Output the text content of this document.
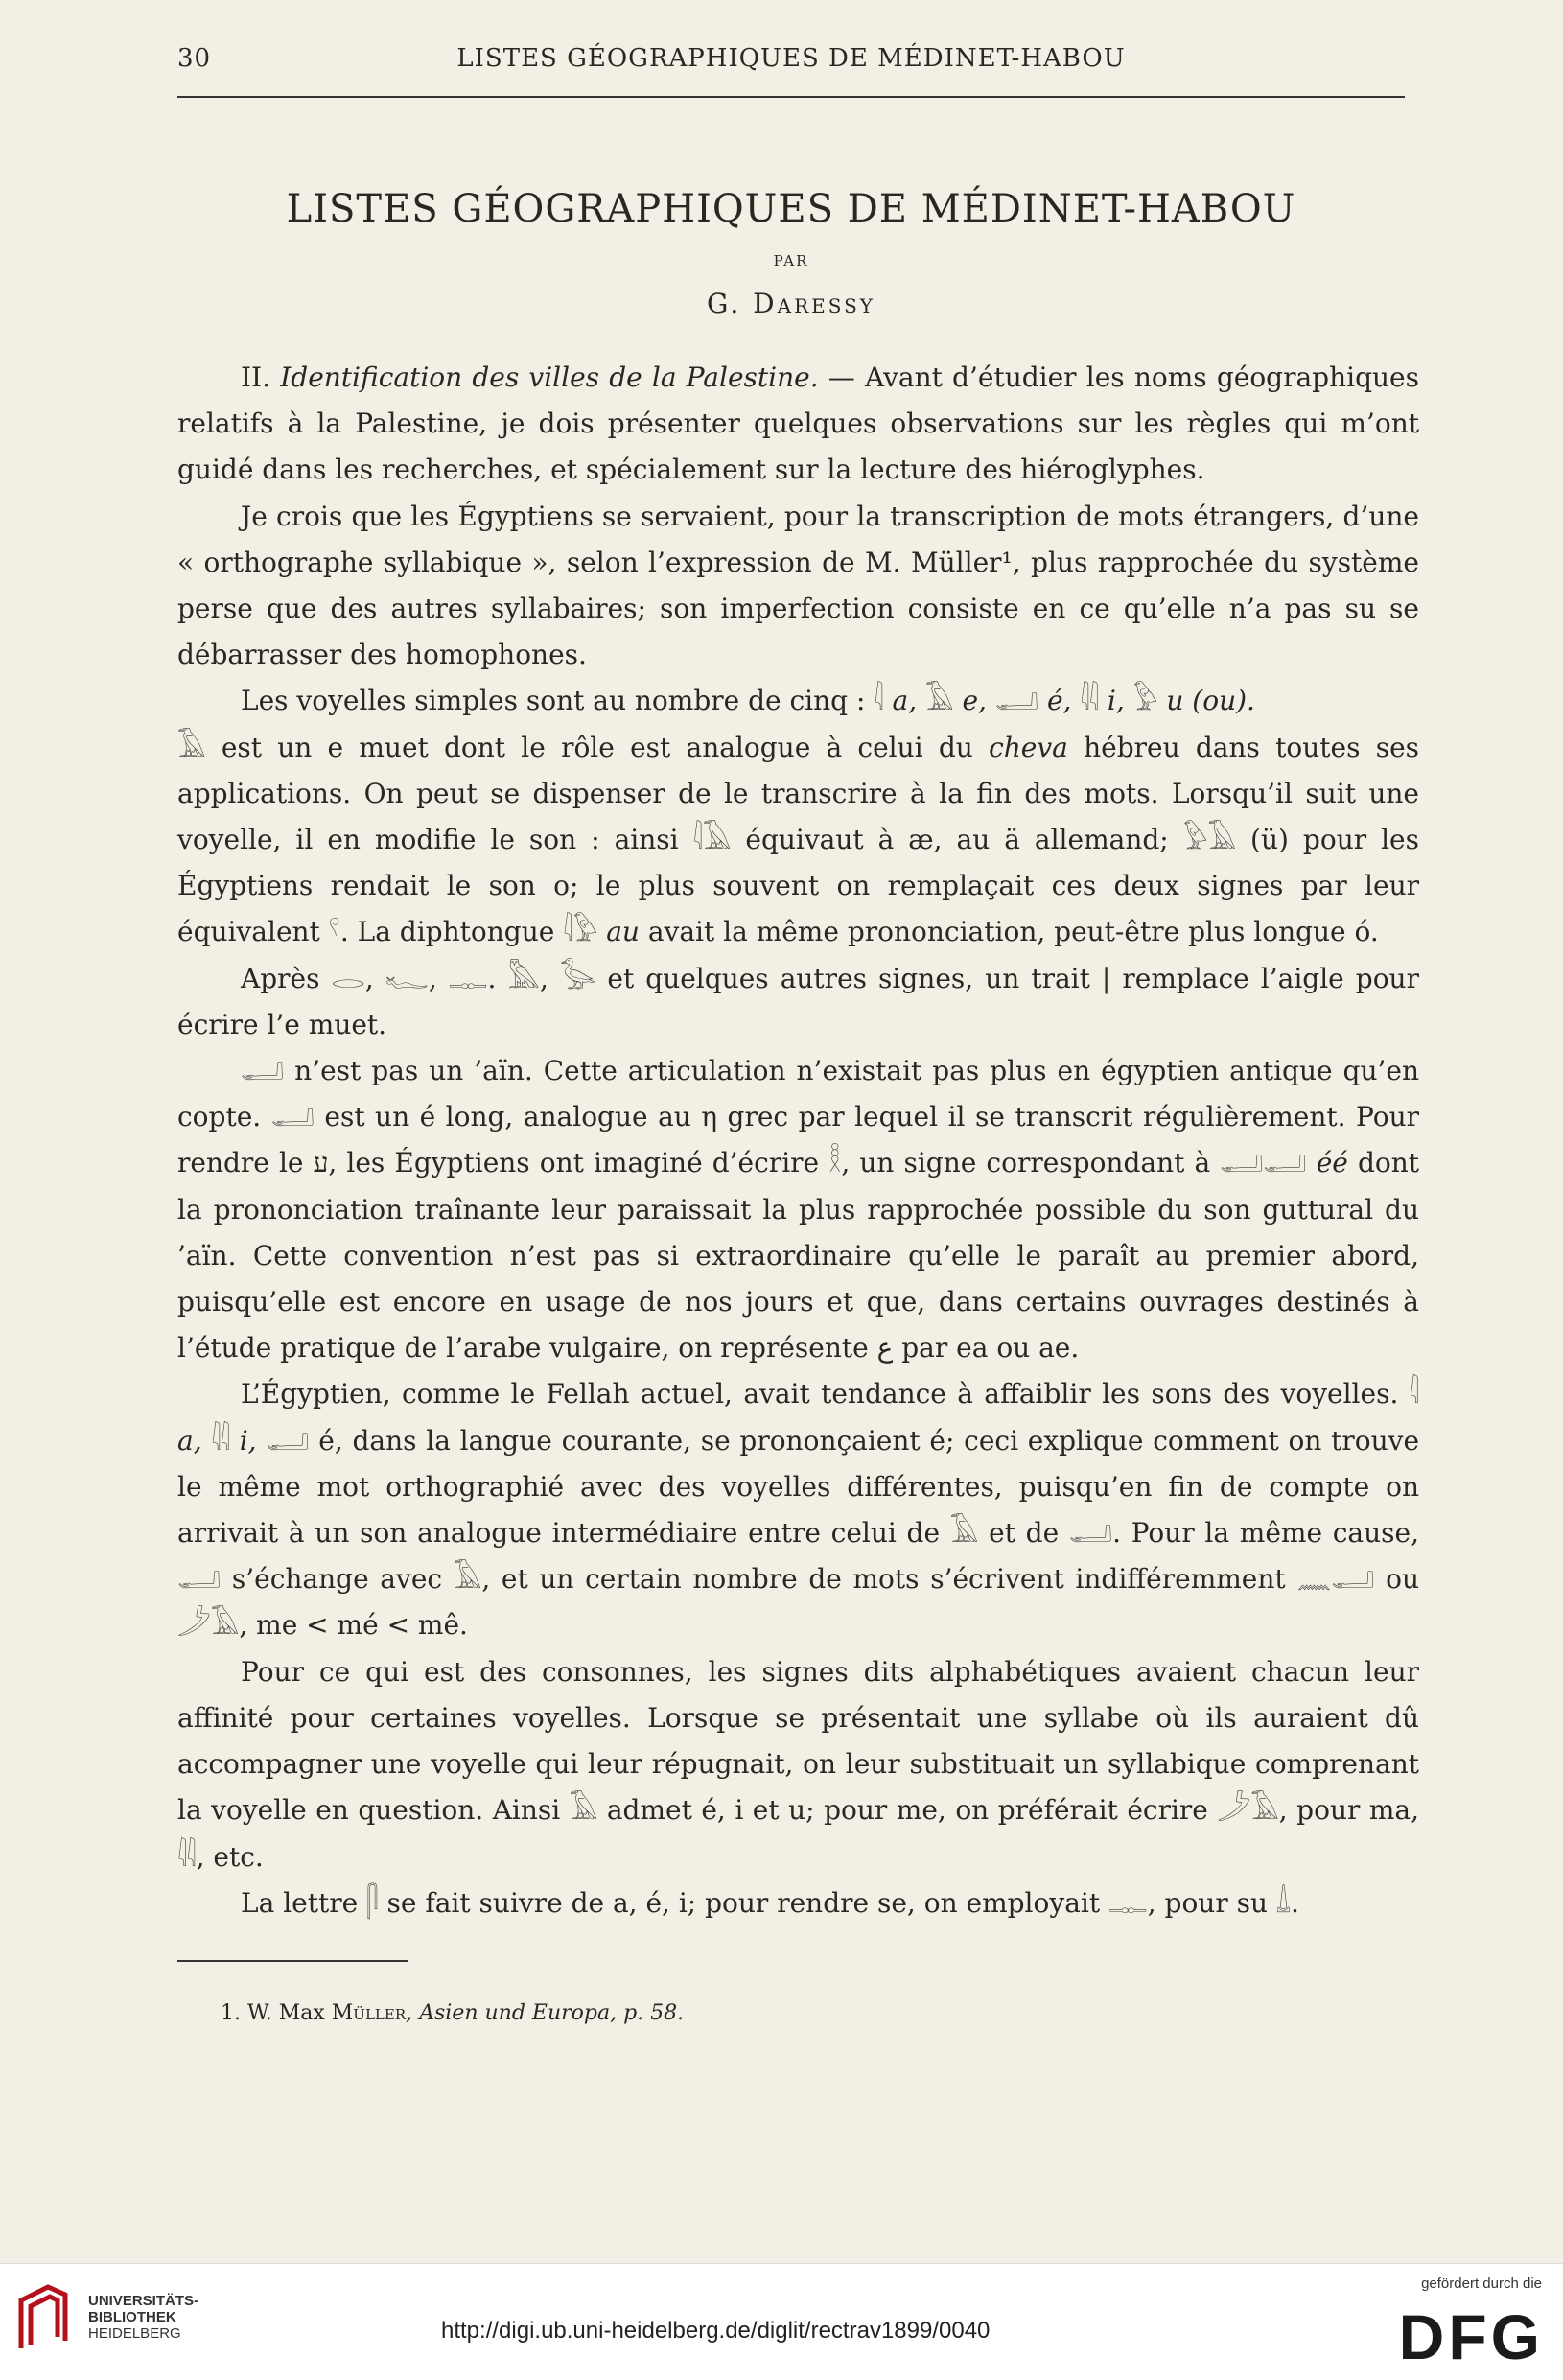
30	LISTES GÉOGRAPHIQUES DE MÉDINET-HABOU
LISTES GÉOGRAPHIQUES DE MÉDINET-HABOU
PAR
G. Daressy

II. Identification des villes de la Palestine. — Avant d’étudier les noms géographiques relatifs à la Palestine, je dois présenter quelques observations sur les règles qui m’ont guidé dans les recherches, et spécialement sur la lecture des hiéroglyphes.

Je crois que les Égyptiens se servaient, pour la transcription de mots étrangers, d’une « orthographe syllabique », selon l’expression de M. Müller¹, plus rapprochée du système perse que des autres syllabaires; son imperfection consiste en ce qu’elle n’a pas su se débarrasser des homophones.

Les voyelles simples sont au nombre de cinq : 𓇋 a, 𓄿 e, 𓂝 é, 𓇌 i, 𓅱 u (ou).

𓄿 est un e muet dont le rôle est analogue à celui du cheva hébreu dans toutes ses applications. On peut se dispenser de le transcrire à la fin des mots. Lorsqu’il suit une voyelle, il en modifie le son : ainsi 𓇋𓄿 équivaut à æ, au ä allemand; 𓅱𓄿 (ü) pour les Égyptiens rendait le son o; le plus souvent on remplaçait ces deux signes par leur équivalent 𓍢. La diphtongue 𓇋𓅱 au avait la même prononciation, peut-être plus longue ó.

Après 𓂋, 𓆑, 𓊃. 𓅓, 𓅭 et quelques autres signes, un trait | remplace l’aigle pour écrire l’e muet.

𓂝 n’est pas un ’aïn. Cette articulation n’existait pas plus en égyptien antique qu’en copte. 𓂝 est un é long, analogue au η grec par lequel il se transcrit régulièrement. Pour rendre le ע, les Égyptiens ont imaginé d’écrire 𓎛, un signe correspondant à 𓂝𓂝 éé dont la prononciation traînante leur paraissait la plus rapprochée possible du son guttural du ’aïn. Cette convention n’est pas si extraordinaire qu’elle le paraît au premier abord, puisqu’elle est encore en usage de nos jours et que, dans certains ouvrages destinés à l’étude pratique de l’arabe vulgaire, on représente ع par ea ou ae.

L’Égyptien, comme le Fellah actuel, avait tendance à affaiblir les sons des voyelles. 𓇋 a, 𓇌 i, 𓂝 é, dans la langue courante, se prononçaient é; ceci explique comment on trouve le même mot orthographié avec des voyelles différentes, puisqu’en fin de compte on arrivait à un son analogue intermédiaire entre celui de 𓄿 et de 𓂝. Pour la même cause, 𓂝 s’échange avec 𓄿, et un certain nombre de mots s’écrivent indifféremment 𓈖𓂝 ou 𓌳𓄿, me < mé < mê.

Pour ce qui est des consonnes, les signes dits alphabétiques avaient chacun leur affinité pour certaines voyelles. Lorsque se présentait une syllabe où ils auraient dû accompagner une voyelle qui leur répugnait, on leur substituait un syllabique comprenant la voyelle en question. Ainsi 𓄿 admet é, i et u; pour me, on préférait écrire 𓌳𓄿, pour ma, 𓇌, etc.

La lettre 𓋴 se fait suivre de a, é, i; pour rendre se, on employait 𓊃, pour su 𓍑.

1. W. Max Müller, Asien und Europa, p. 58.
UNIVERSITÄTS-
BIBLIOTHEK
HEIDELBERG	http://digi.ub.uni-heidelberg.de/diglit/rectrav1899/0040
gefördert durch die
DFG
